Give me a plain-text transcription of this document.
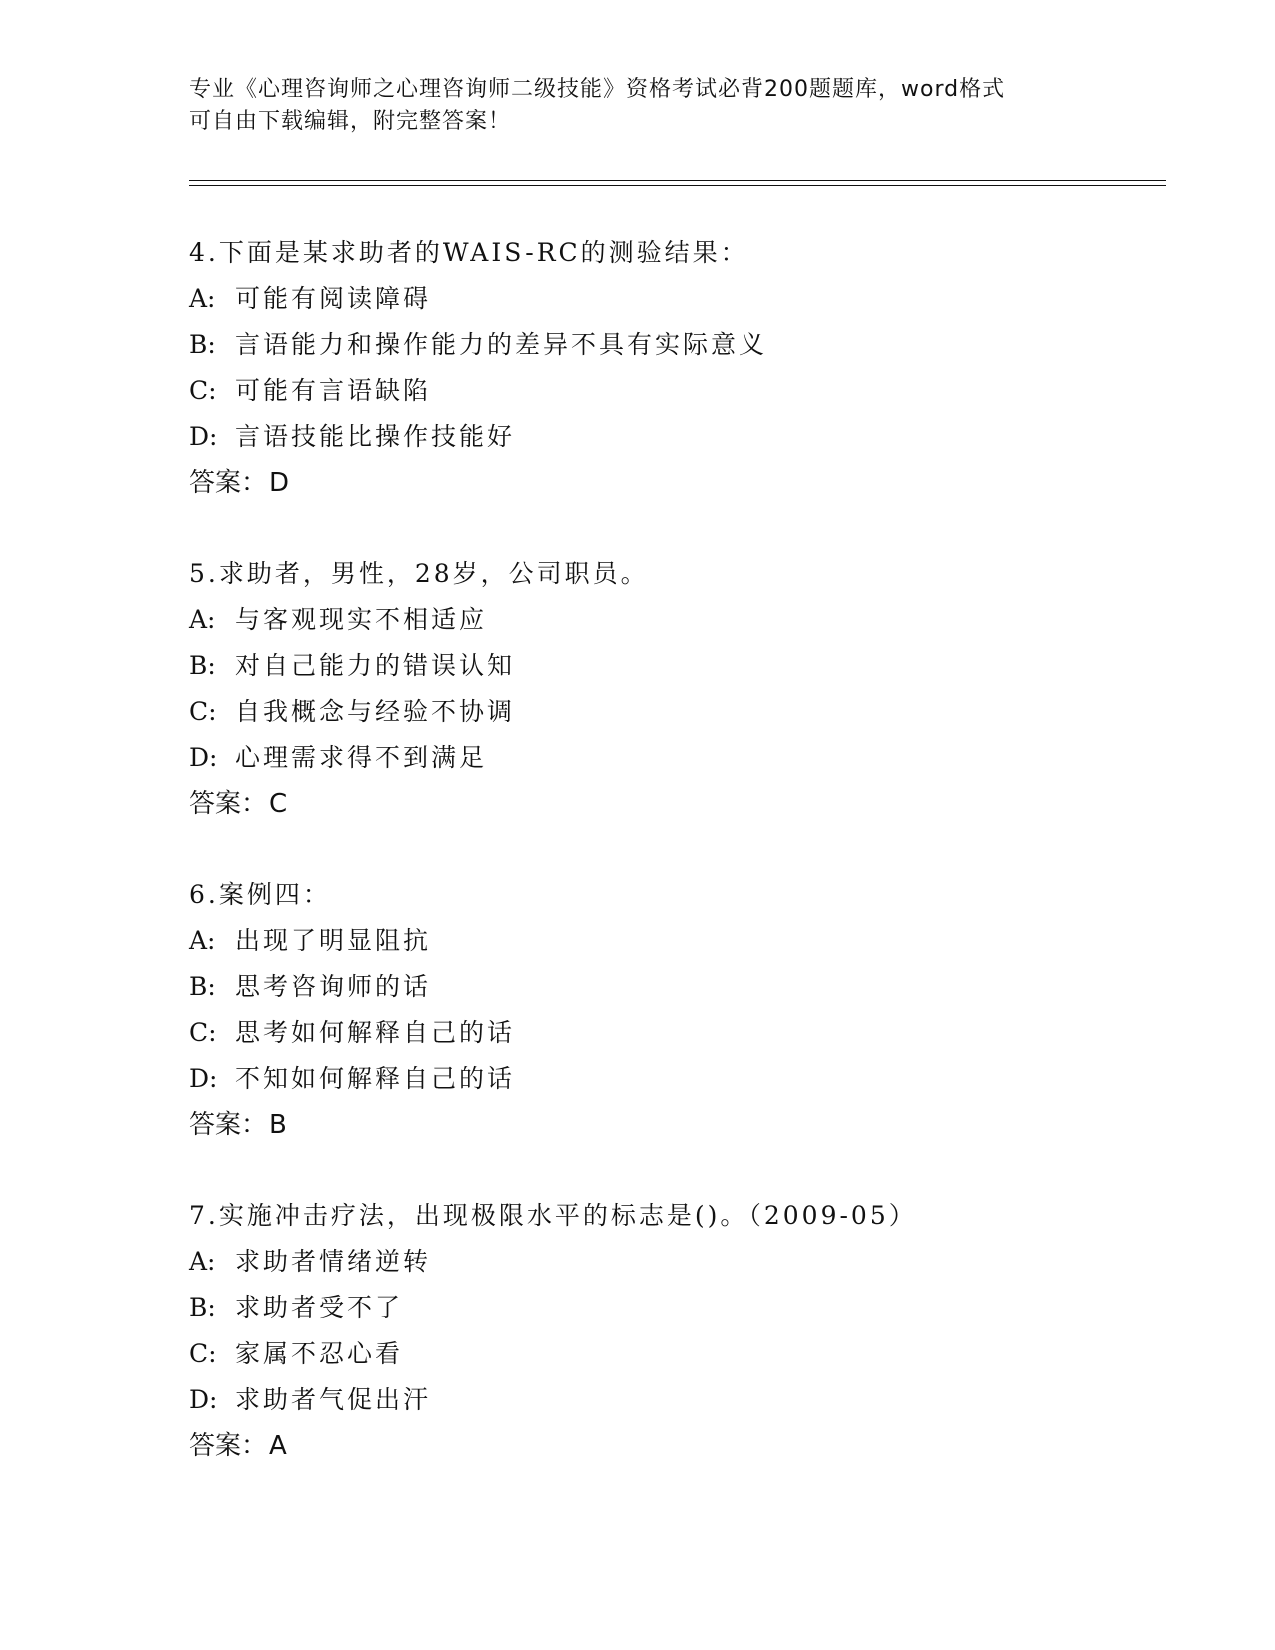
专业《心理咨询师之心理咨询师二级技能》资格考试必背200题题库，word格式
可自由下载编辑，附完整答案！
4.下面是某求助者的WAIS-RC的测验结果：
A: 可能有阅读障碍
B: 言语能力和操作能力的差异不具有实际意义
C: 可能有言语缺陷
D: 言语技能比操作技能好
答案：D
5.求助者，男性，28岁，公司职员。
A: 与客观现实不相适应
B: 对自己能力的错误认知
C: 自我概念与经验不协调
D: 心理需求得不到满足
答案：C
6.案例四：
A: 出现了明显阻抗
B: 思考咨询师的话
C: 思考如何解释自己的话
D: 不知如何解释自己的话
答案：B
7.实施冲击疗法，出现极限水平的标志是()。（2009-05）
A: 求助者情绪逆转
B: 求助者受不了
C: 家属不忍心看
D: 求助者气促出汗
答案：A
